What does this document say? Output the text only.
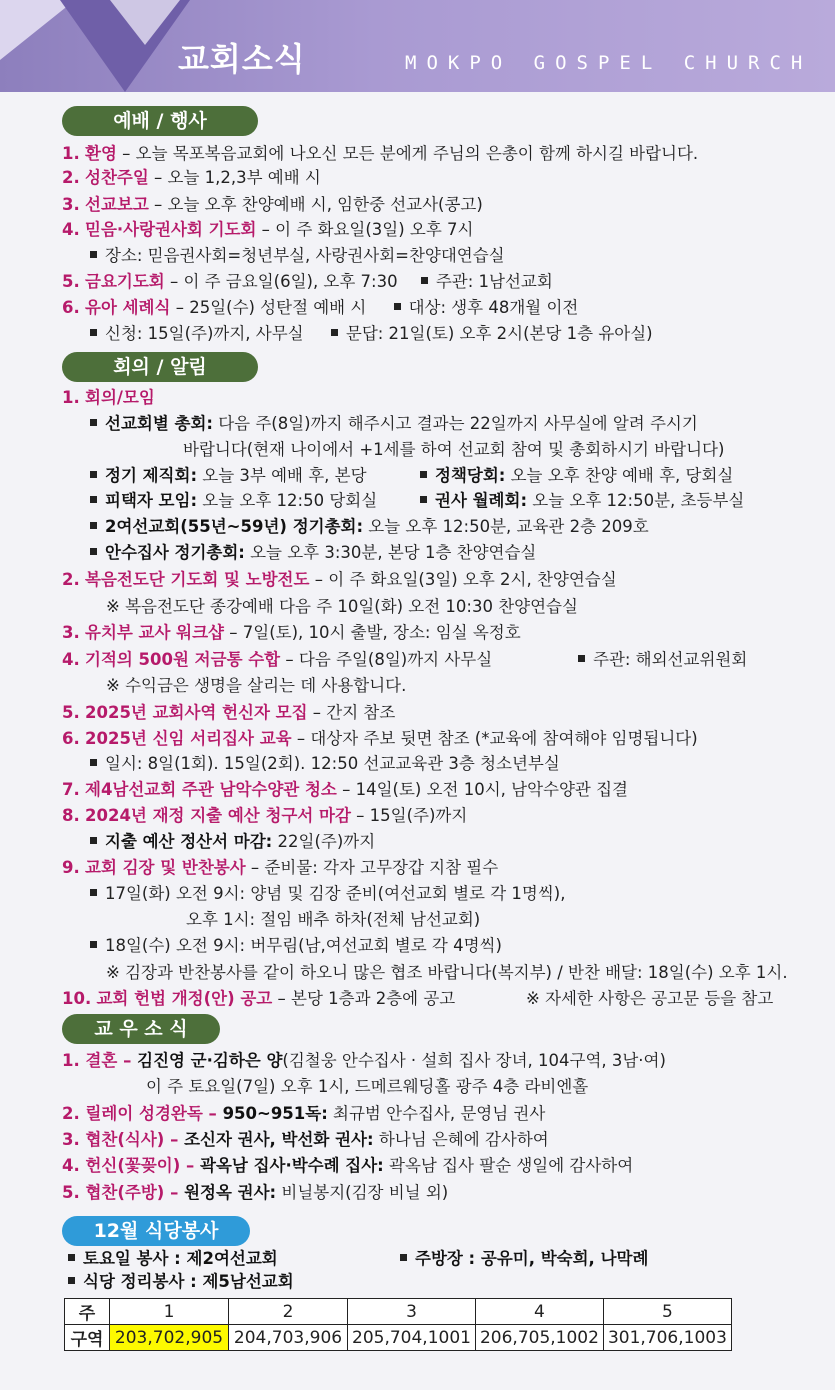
교회소식	MOKPO GOSPEL CHURCH
예배 / 행사
1. 환영 – 오늘 목포복음교회에 나오신 모든 분에게 주님의 은총이 함께 하시길 바랍니다.
2. 성찬주일 – 오늘 1,2,3부 예배 시
3. 선교보고 – 오늘 오후 찬양예배 시, 임한중 선교사(콩고)
4. 믿음·사랑권사회 기도회 – 이 주 화요일(3일) 오후 7시
장소: 믿음권사회=청년부실, 사랑권사회=찬양대연습실
5. 금요기도회 – 이 주 금요일(6일), 오후 7:30 주관: 1남선교회
6. 유아 세례식 – 25일(수) 성탄절 예배 시	대상: 생후 48개월 이전
신청: 15일(주)까지, 사무실	문답: 21일(토) 오후 2시(본당 1층 유아실)
회의 / 알림
1. 회의/모임
선교회별 총회: 다음 주(8일)까지 해주시고 결과는 22일까지 사무실에 알려 주시기
바랍니다(현재 나이에서 +1세를 하여 선교회 참여 및 총회하시기 바랍니다)
정기 제직회: 오늘 3부 예배 후, 본당	정책당회: 오늘 오후 찬양 예배 후, 당회실
피택자 모임: 오늘 오후 12:50 당회실	권사 월례회: 오늘 오후 12:50분, 초등부실
2여선교회(55년~59년) 정기총회: 오늘 오후 12:50분, 교육관 2층 209호
안수집사 정기총회: 오늘 오후 3:30분, 본당 1층 찬양연습실
2. 복음전도단 기도회 및 노방전도 – 이 주 화요일(3일) 오후 2시, 찬양연습실
※ 복음전도단 종강예배 다음 주 10일(화) 오전 10:30 찬양연습실
3. 유치부 교사 워크샵 – 7일(토), 10시 출발, 장소: 임실 옥정호
4. 기적의 500원 저금통 수합 – 다음 주일(8일)까지 사무실	주관: 해외선교위원회
※ 수익금은 생명을 살리는 데 사용합니다.
5. 2025년 교회사역 헌신자 모집 – 간지 참조
6. 2025년 신임 서리집사 교육 – 대상자 주보 뒷면 참조 (*교육에 참여해야 임명됩니다)
일시: 8일(1회). 15일(2회). 12:50 선교교육관 3층 청소년부실
7. 제4남선교회 주관 남악수양관 청소 – 14일(토) 오전 10시, 남악수양관 집결
8. 2024년 재정 지출 예산 청구서 마감 – 15일(주)까지
지출 예산 정산서 마감: 22일(주)까지
9. 교회 김장 및 반찬봉사 – 준비물: 각자 고무장갑 지참 필수
17일(화) 오전 9시: 양념 및 김장 준비(여선교회 별로 각 1명씩),
오후 1시: 절임 배추 하차(전체 남선교회)
18일(수) 오전 9시: 버무림(남,여선교회 별로 각 4명씩)
※ 김장과 반찬봉사를 같이 하오니 많은 협조 바랍니다(복지부) / 반찬 배달: 18일(수) 오후 1시.
10. 교회 헌법 개정(안) 공고 – 본당 1층과 2층에 공고	※ 자세한 사항은 공고문 등을 참고
교 우 소 식
1. 결혼 – 김진영 군·김하은 양(김철웅 안수집사 · 설희 집사 장녀, 104구역, 3남·여)
이 주 토요일(7일) 오후 1시, 드메르웨딩홀 광주 4층 라비엔홀
2. 릴레이 성경완독 – 950~951독: 최규범 안수집사, 문영님 권사
3. 협찬(식사) – 조신자 권사, 박선화 권사: 하나님 은혜에 감사하여
4. 헌신(꽃꽂이) – 곽옥남 집사·박수례 집사: 곽옥남 집사 팔순 생일에 감사하여
5. 협찬(주방) – 원정옥 권사: 비닐봉지(김장 비닐 외)
12월 식당봉사
토요일 봉사 : 제2여선교회	주방장 : 공유미, 박숙희, 나막례
식당 정리봉사 : 제5남선교회
주	1	2	3	4	5
구역	203,702,905	204,703,906	205,704,1001	206,705,1002	301,706,1003
